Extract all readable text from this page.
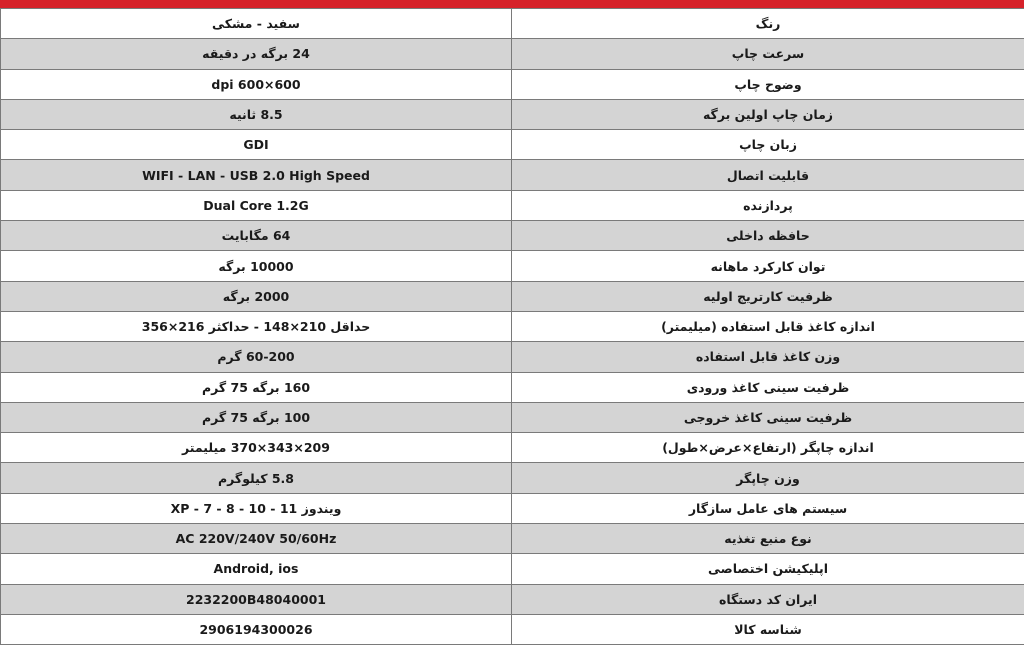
سفید - مشکی	رنگ
24 برگه در دقیقه	سرعت چاپ
dpi 600×600	وضوح چاپ
8.5 ثانیه	زمان چاپ اولین برگه
GDI	زبان چاپ
WIFI - LAN - USB 2.0 High Speed	قابلیت اتصال
Dual Core 1.2G	پردازنده
64 مگابایت	حافظه داخلی
10000 برگه	توان کارکرد ماهانه
2000 برگه	ظرفیت کارتریج اولیه
حداقل 210×148 - حداکثر 216×356	اندازه کاغذ قابل استفاده (میلیمتر)
60-200 گرم	وزن کاغذ قابل استفاده
160 برگه 75 گرم	ظرفیت سینی کاغذ ورودی
100 برگه 75 گرم	ظرفیت سینی کاغذ خروجی
209×343×370 میلیمتر	اندازه چاپگر (ارتفاع×عرض×طول)
5.8 کیلوگرم	وزن چاپگر
ویندوز 11 - 10 - 8 - 7 - XP	سیستم های عامل سازگار
AC 220V/240V 50/60Hz	نوع منبع تغذیه
Android, ios	اپلیکیشن اختصاصی
2232200B48040001	ایران کد دستگاه
2906194300026	شناسه کالا
